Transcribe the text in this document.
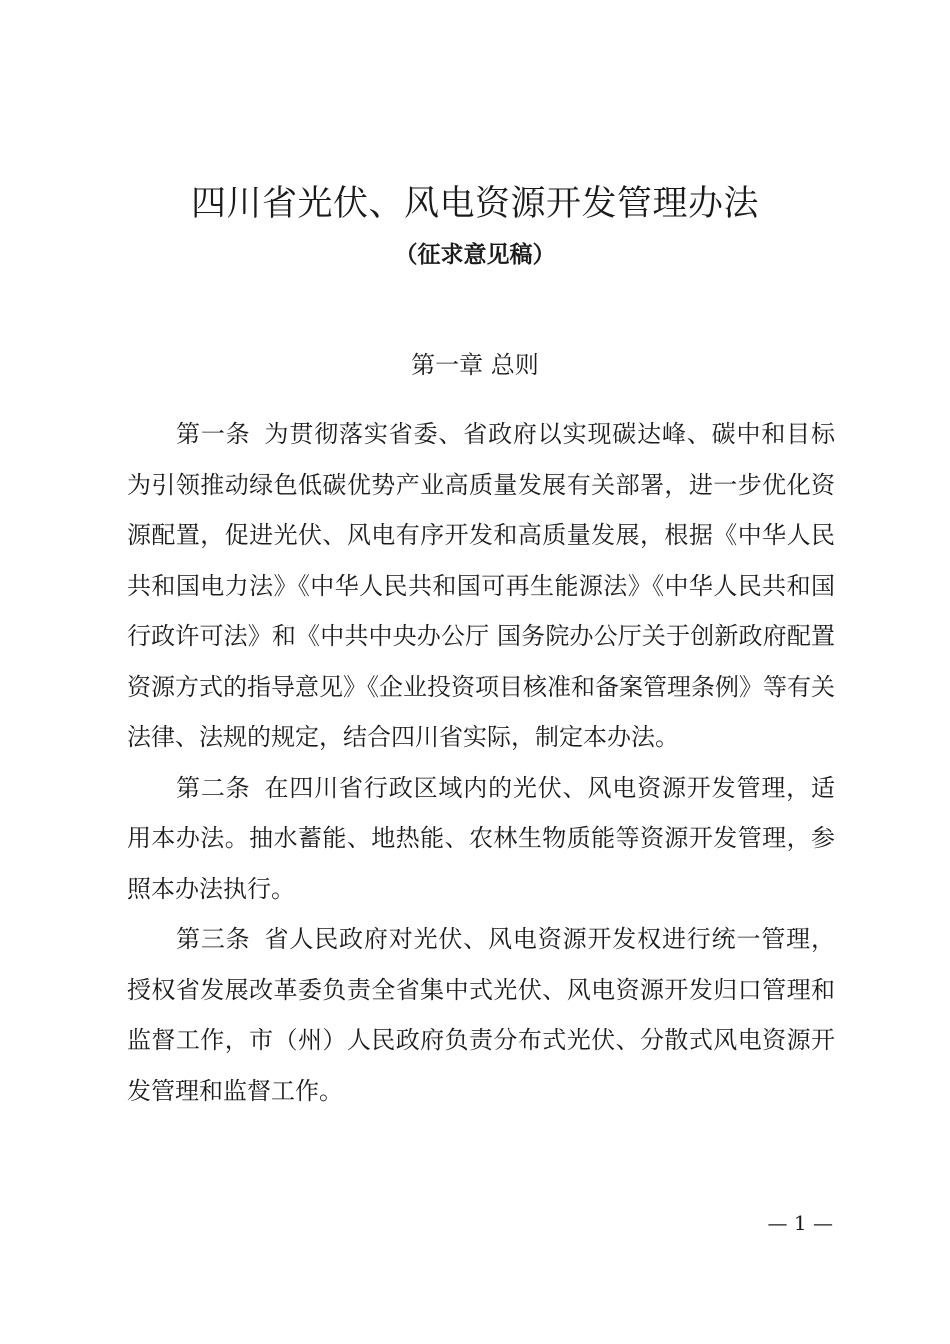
四川省光伏、风电资源开发管理办法
（征求意见稿）
第一章 总则

第一条 为贯彻落实省委、省政府以实现碳达峰、碳中和目标为引领推动绿色低碳优势产业高质量发展有关部署，进一步优化资源配置，促进光伏、风电有序开发和高质量发展，根据《中华人民共和国电力法》《中华人民共和国可再生能源法》《中华人民共和国行政许可法》和《中共中央办公厅 国务院办公厅关于创新政府配置资源方式的指导意见》《企业投资项目核准和备案管理条例》等有关法律、法规的规定，结合四川省实际，制定本办法。

第二条 在四川省行政区域内的光伏、风电资源开发管理，适用本办法。抽水蓄能、地热能、农林生物质能等资源开发管理，参照本办法执行。

第三条 省人民政府对光伏、风电资源开发权进行统一管理，授权省发展改革委负责全省集中式光伏、风电资源开发归口管理和监督工作，市（州）人民政府负责分布式光伏、分散式风电资源开发管理和监督工作。

— 1 —
